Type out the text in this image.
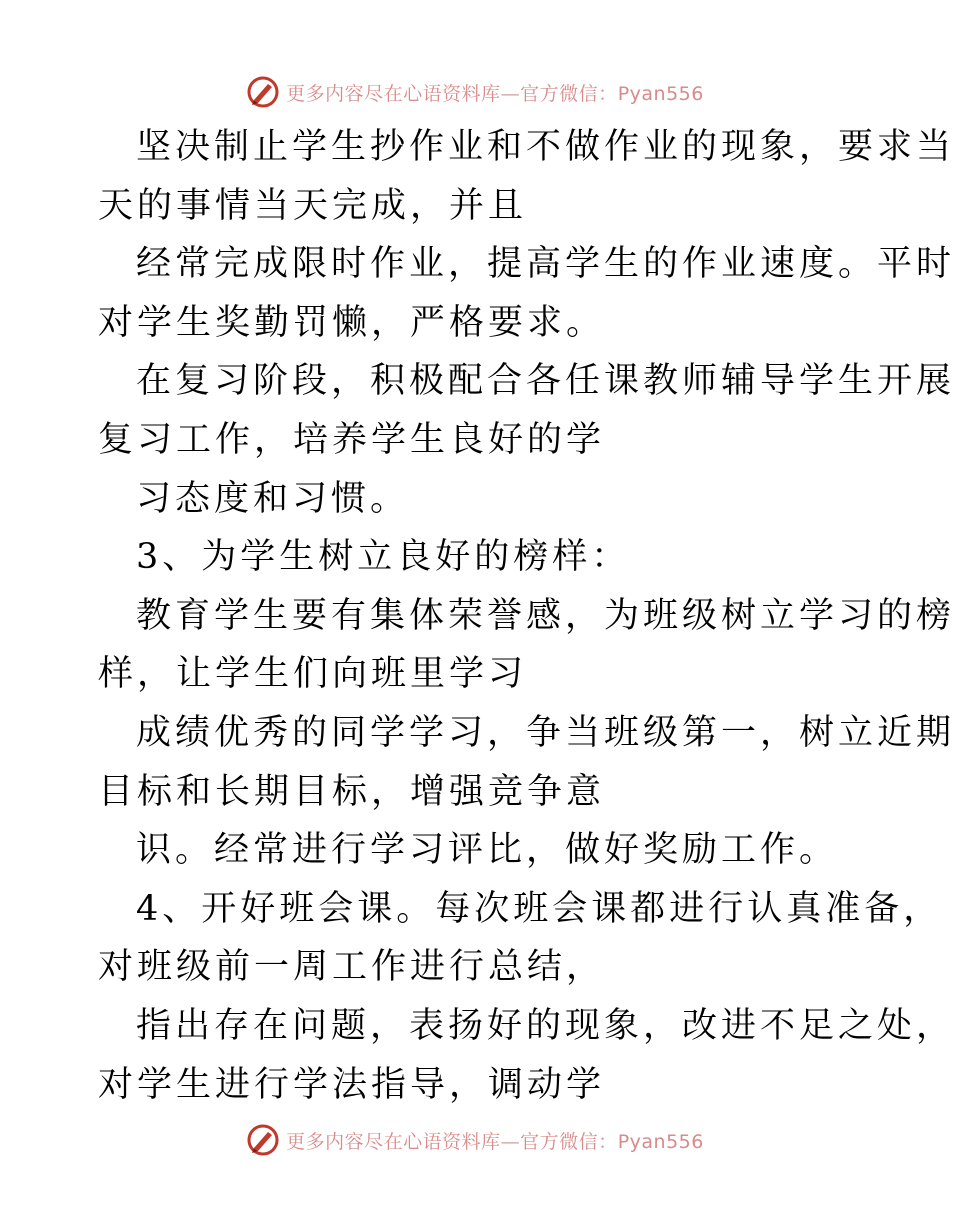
更多内容尽在心语资料库—官方微信：Pyan556
坚决制止学生抄作业和不做作业的现象，要求当
天的事情当天完成，并且
经常完成限时作业，提高学生的作业速度。平时
对学生奖勤罚懒，严格要求。
在复习阶段，积极配合各任课教师辅导学生开展
复习工作，培养学生良好的学
习态度和习惯。
3、为学生树立良好的榜样：
教育学生要有集体荣誉感，为班级树立学习的榜
样，让学生们向班里学习
成绩优秀的同学学习，争当班级第一，树立近期
目标和长期目标，增强竞争意
识。经常进行学习评比，做好奖励工作。
4、开好班会课。每次班会课都进行认真准备，
对班级前一周工作进行总结，
指出存在问题，表扬好的现象，改进不足之处，
对学生进行学法指导，调动学
更多内容尽在心语资料库—官方微信：Pyan556
